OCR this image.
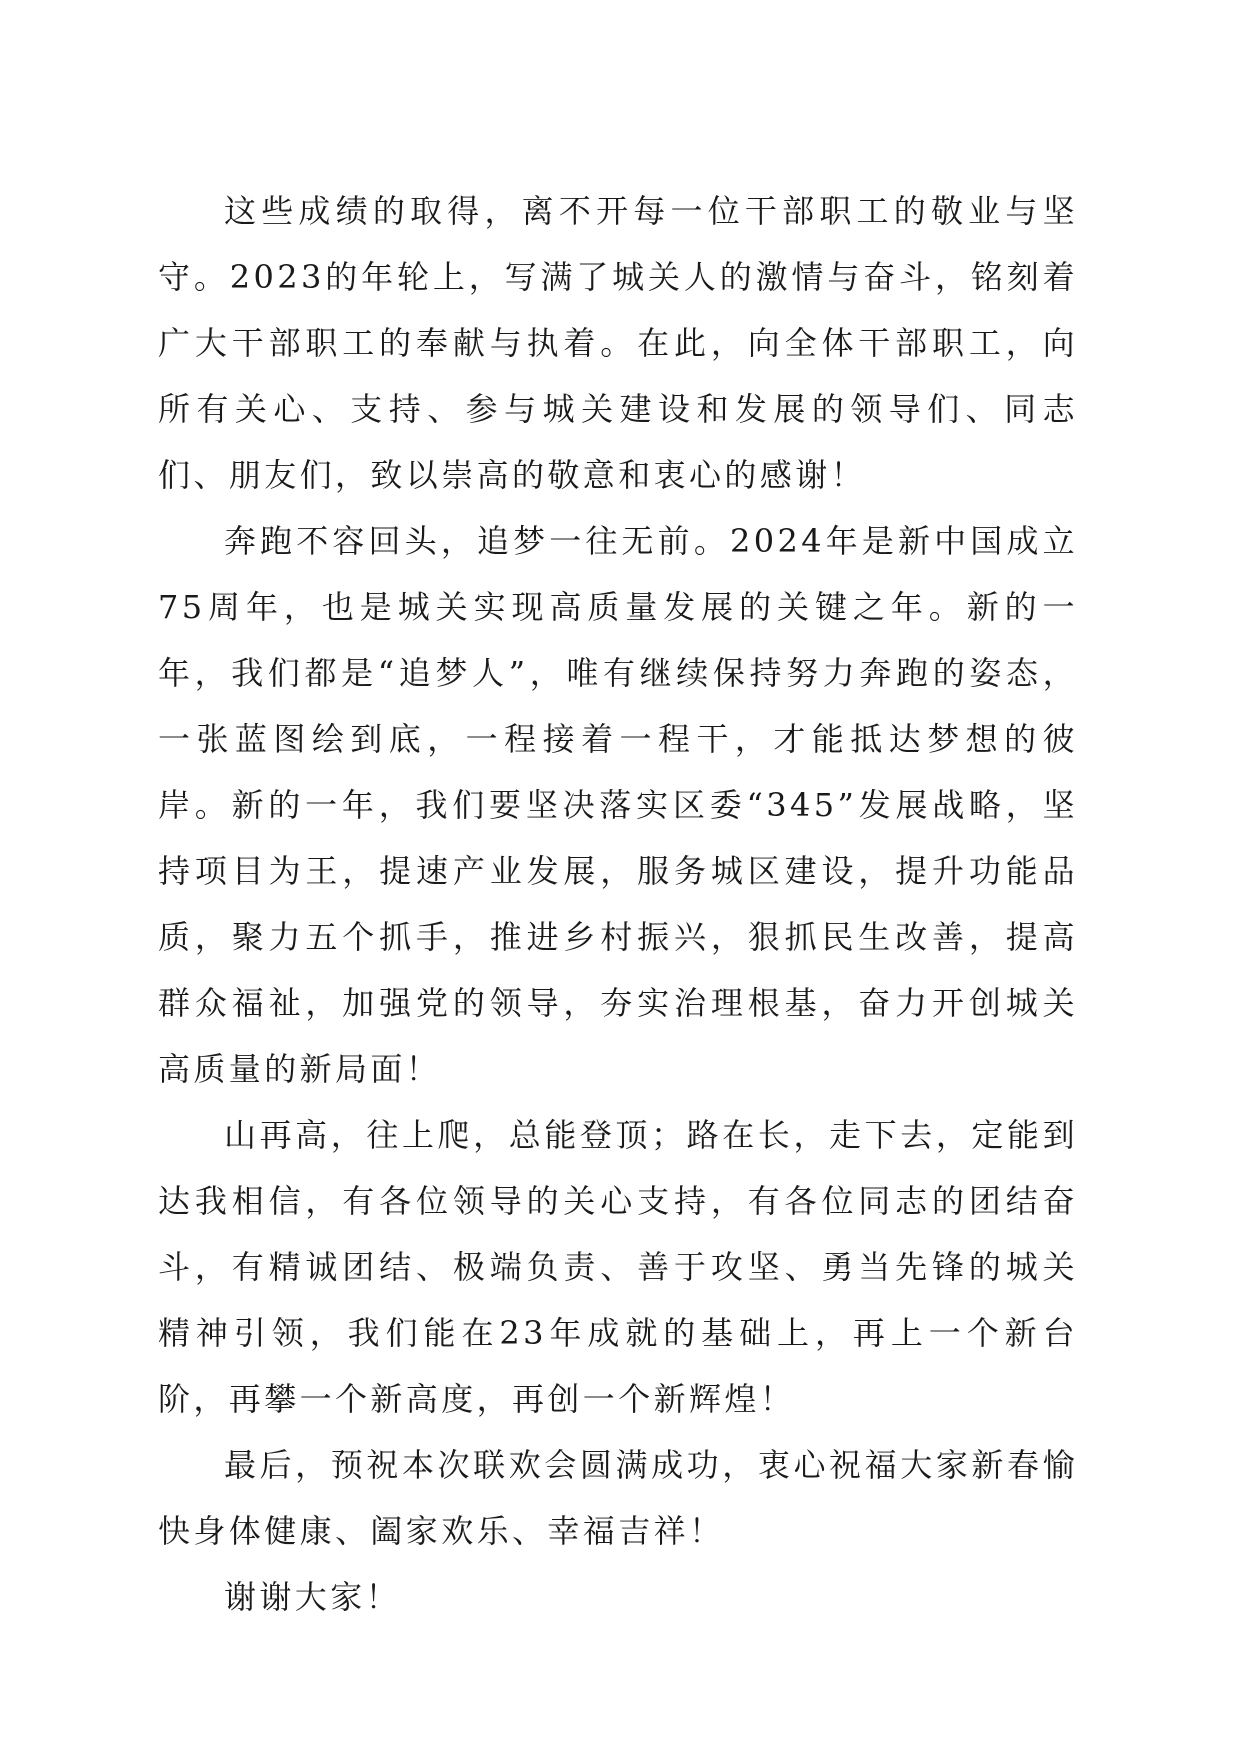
这些成绩的取得，离不开每一位干部职工的敬业与坚守。2023的年轮上，写满了城关人的激情与奋斗，铭刻着广大干部职工的奉献与执着。在此，向全体干部职工，向所有关心、支持、参与城关建设和发展的领导们、同志们、朋友们，致以崇高的敬意和衷心的感谢！

奔跑不容回头，追梦一往无前。2024年是新中国成立75周年，也是城关实现高质量发展的关键之年。新的一年，我们都是“追梦人”，唯有继续保持努力奔跑的姿态，一张蓝图绘到底，一程接着一程干，才能抵达梦想的彼岸。新的一年，我们要坚决落实区委“345”发展战略，坚持项目为王，提速产业发展，服务城区建设，提升功能品质，聚力五个抓手，推进乡村振兴，狠抓民生改善，提高群众福祉，加强党的领导，夯实治理根基，奋力开创城关高质量的新局面！

山再高，往上爬，总能登顶；路在长，走下去，定能到达我相信，有各位领导的关心支持，有各位同志的团结奋斗，有精诚团结、极端负责、善于攻坚、勇当先锋的城关精神引领，我们能在23年成就的基础上，再上一个新台阶，再攀一个新高度，再创一个新辉煌！

最后，预祝本次联欢会圆满成功，衷心祝福大家新春愉快身体健康、阖家欢乐、幸福吉祥！

谢谢大家！
